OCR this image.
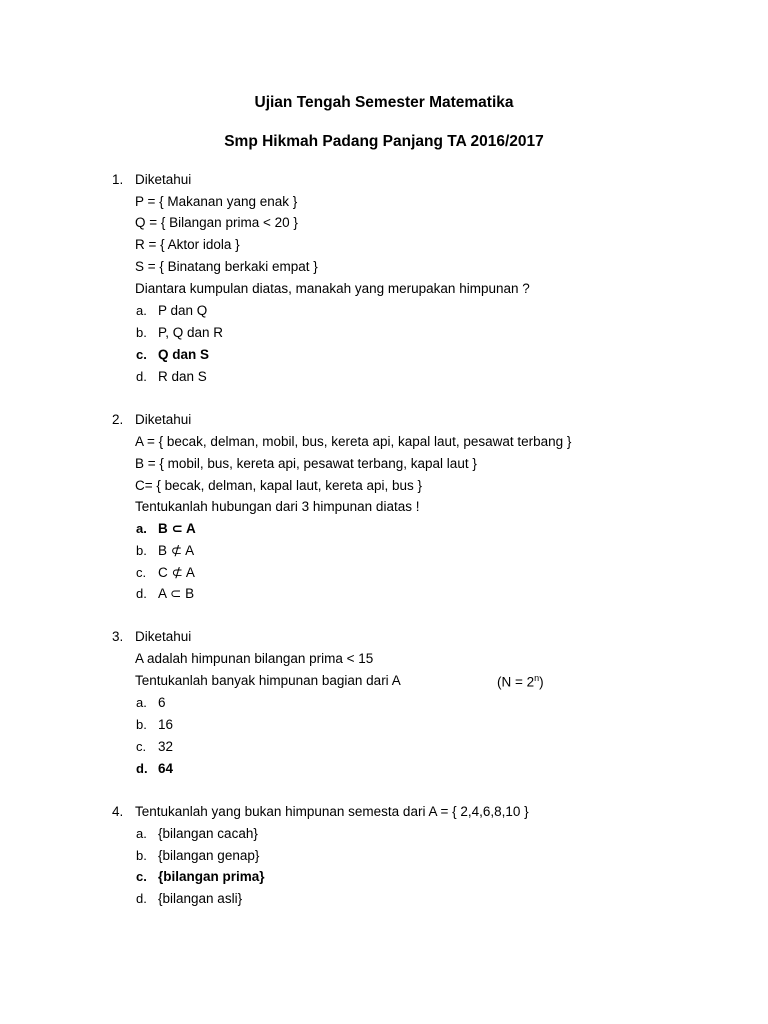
Ujian Tengah Semester Matematika
Smp Hikmah Padang Panjang TA 2016/2017
1. Diketahui
P = { Makanan yang enak }
Q = { Bilangan prima < 20 }
R = { Aktor idola }
S = { Binatang berkaki empat }
Diantara kumpulan diatas, manakah yang merupakan himpunan ?
a. P dan Q
b. P, Q dan R
c. Q dan S
d. R dan S
2. Diketahui
A = { becak, delman, mobil, bus, kereta api, kapal laut, pesawat terbang }
B = { mobil, bus, kereta api, pesawat terbang, kapal laut }
C= { becak, delman, kapal laut, kereta api, bus }
Tentukanlah hubungan dari 3 himpunan diatas !
a. B ⊂ A
b. B ⊄ A
c. C ⊄ A
d. A ⊂ B
3. Diketahui
A adalah himpunan bilangan prima < 15
Tentukanlah banyak himpunan bagian dari A	$(N = 2^n)$
a. 6
b. 16
c. 32
d. 64
4. Tentukanlah yang bukan himpunan semesta dari A = { 2,4,6,8,10 }
a. {bilangan cacah}
b. {bilangan genap}
c. {bilangan prima}
d. {bilangan asli}
